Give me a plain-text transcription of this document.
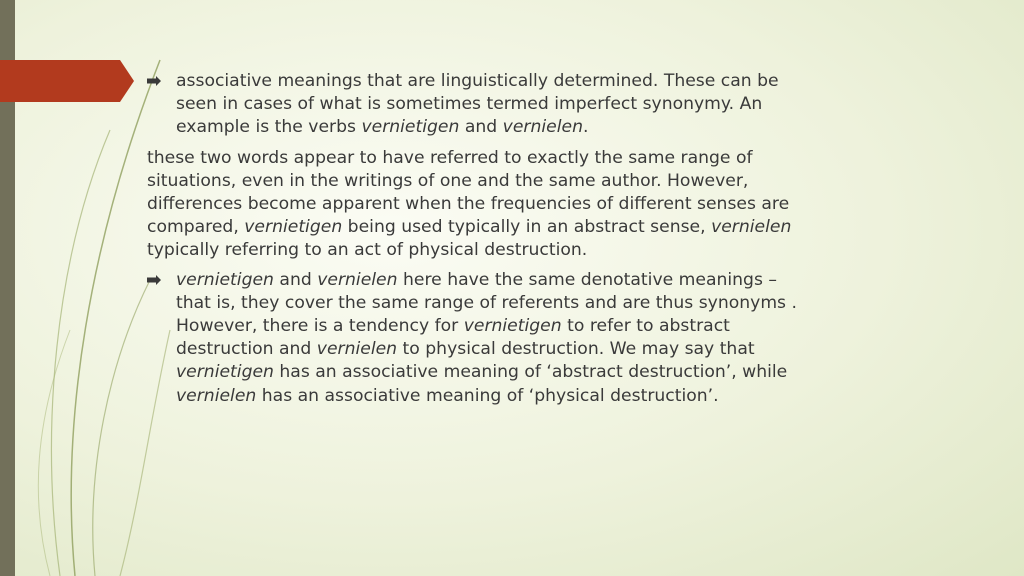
associative meanings that are linguistically determined. These can be seen in cases of what is sometimes termed imperfect synonymy. An example is the verbs vernietigen and vernielen.

these two words appear to have referred to exactly the same range of situations, even in the writings of one and the same author. However, differences become apparent when the frequencies of different senses are compared, vernietigen being used typically in an abstract sense, vernielen typically referring to an act of physical destruction.

vernietigen and vernielen here have the same denotative meanings – that is, they cover the same range of referents and are thus synonyms . However, there is a tendency for vernietigen to refer to abstract destruction and vernielen to physical destruction. We may say that vernietigen has an associative meaning of ‘abstract destruction’, while vernielen has an associative meaning of ‘physical destruction’.
